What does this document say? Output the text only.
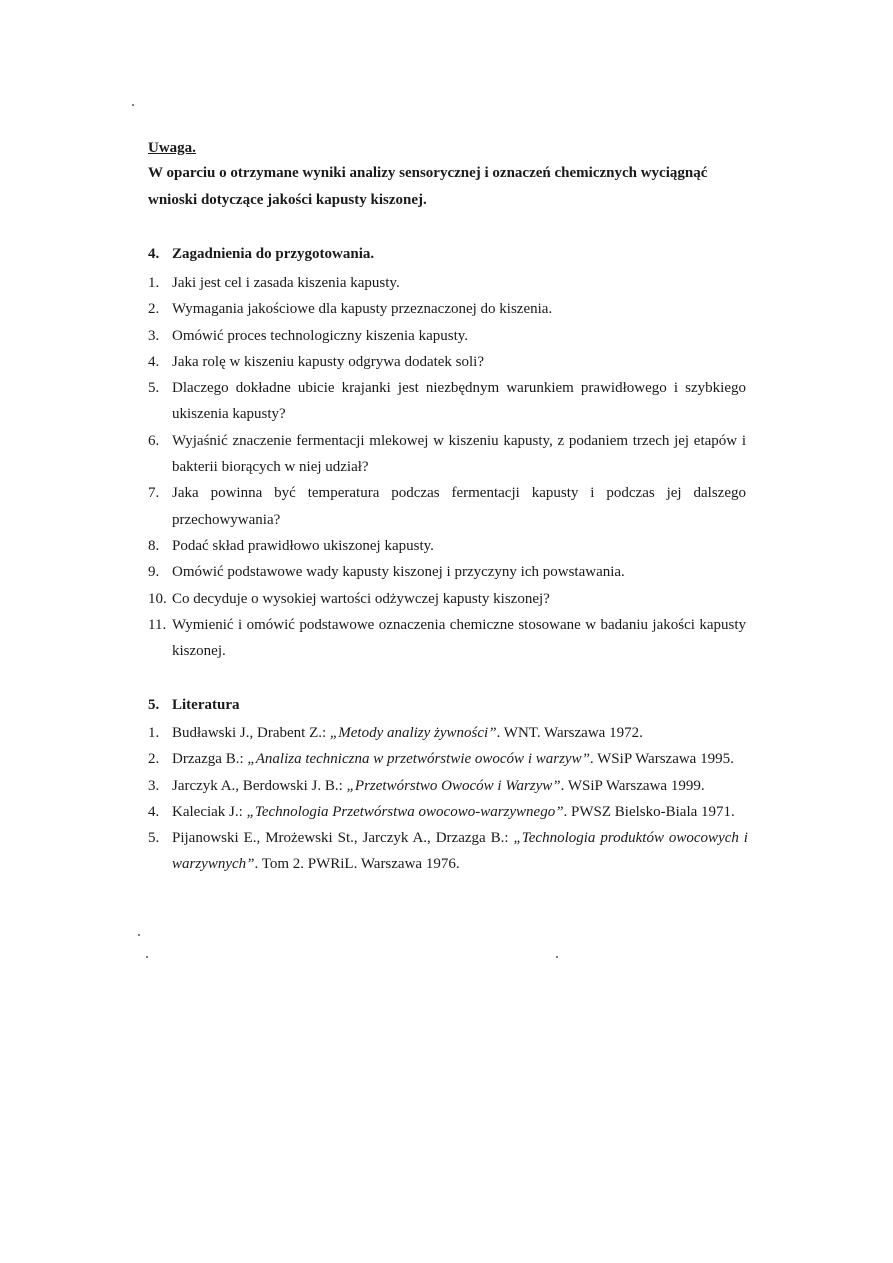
Uwaga.

W oparciu o otrzymane wyniki analizy sensorycznej i oznaczeń chemicznych wyciągnąć wnioski dotyczące jakości kapusty kiszonej.

4. Zagadnienia do przygotowania.

1. Jaki jest cel i zasada kiszenia kapusty.
2. Wymagania jakościowe dla kapusty przeznaczonej do kiszenia.
3. Omówić proces technologiczny kiszenia kapusty.
4. Jaka rolę w kiszeniu kapusty odgrywa dodatek soli?
5. Dlaczego dokładne ubicie krajanki jest niezbędnym warunkiem prawidłowego i szybkiego ukiszenia kapusty?
6. Wyjaśnić znaczenie fermentacji mlekowej w kiszeniu kapusty, z podaniem trzech jej etapów i bakterii biorących w niej udział?
7. Jaka powinna być temperatura podczas fermentacji kapusty i podczas jej dalszego przechowywania?
8. Podać skład prawidłowo ukiszonej kapusty.
9. Omówić podstawowe wady kapusty kiszonej i przyczyny ich powstawania.
10. Co decyduje o wysokiej wartości odżywczej kapusty kiszonej?
11. Wymienić i omówić podstawowe oznaczenia chemiczne stosowane w badaniu jakości kapusty kiszonej.

5. Literatura

1. Budławski J., Drabent Z.: „Metody analizy żywności”. WNT. Warszawa 1972.
2. Drzazga B.: „Analiza techniczna w przetwórstwie owoców i warzyw”. WSiP Warszawa 1995.
3. Jarczyk A., Berdowski J. B.: „Przetwórstwo Owoców i Warzyw”. WSiP Warszawa 1999.
4. Kaleciak J.: „Technologia Przetwórstwa owocowo-warzywnego”. PWSZ Bielsko-Biala 1971.
5. Pijanowski E., Mrożewski St., Jarczyk A., Drzazga B.: „Technologia produktów owocowych i warzywnych”. Tom 2. PWRiL. Warszawa 1976.
